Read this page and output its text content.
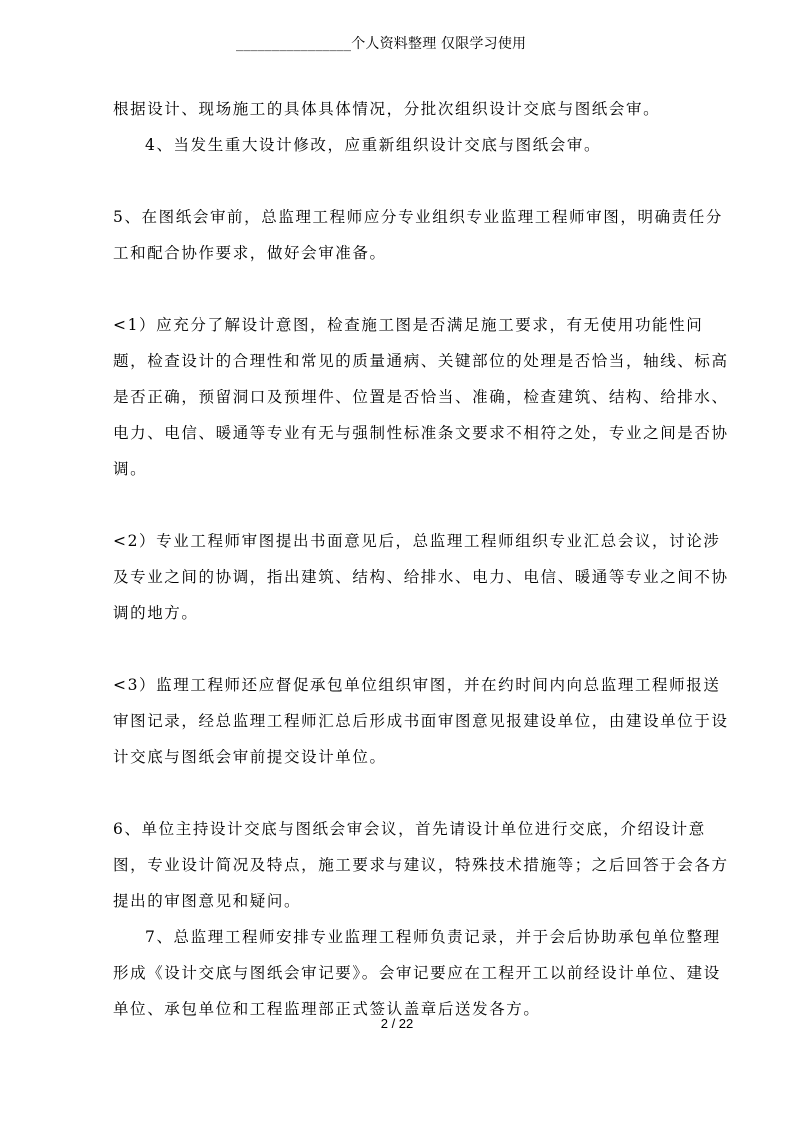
________________个人资料整理 仅限学习使用

根据设计、现场施工的具体具体情况，分批次组织设计交底与图纸会审。

4、当发生重大设计修改，应重新组织设计交底与图纸会审。

5、在图纸会审前，总监理工程师应分专业组织专业监理工程师审图，明确责任分工和配合协作要求，做好会审准备。

<1）应充分了解设计意图，检查施工图是否满足施工要求，有无使用功能性问题，检查设计的合理性和常见的质量通病、关键部位的处理是否恰当，轴线、标高是否正确，预留洞口及预埋件、位置是否恰当、准确，检查建筑、结构、给排水、电力、电信、暖通等专业有无与强制性标准条文要求不相符之处，专业之间是否协调。

<2）专业工程师审图提出书面意见后，总监理工程师组织专业汇总会议，讨论涉及专业之间的协调，指出建筑、结构、给排水、电力、电信、暖通等专业之间不协调的地方。

<3）监理工程师还应督促承包单位组织审图，并在约时间内向总监理工程师报送审图记录，经总监理工程师汇总后形成书面审图意见报建设单位，由建设单位于设计交底与图纸会审前提交设计单位。

6、单位主持设计交底与图纸会审会议，首先请设计单位进行交底，介绍设计意图，专业设计简况及特点，施工要求与建议，特殊技术措施等；之后回答于会各方提出的审图意见和疑问。

7、总监理工程师安排专业监理工程师负责记录，并于会后协助承包单位整理形成《设计交底与图纸会审记要》。会审记要应在工程开工以前经设计单位、建设单位、承包单位和工程监理部正式签认盖章后送发各方。

2 / 22
